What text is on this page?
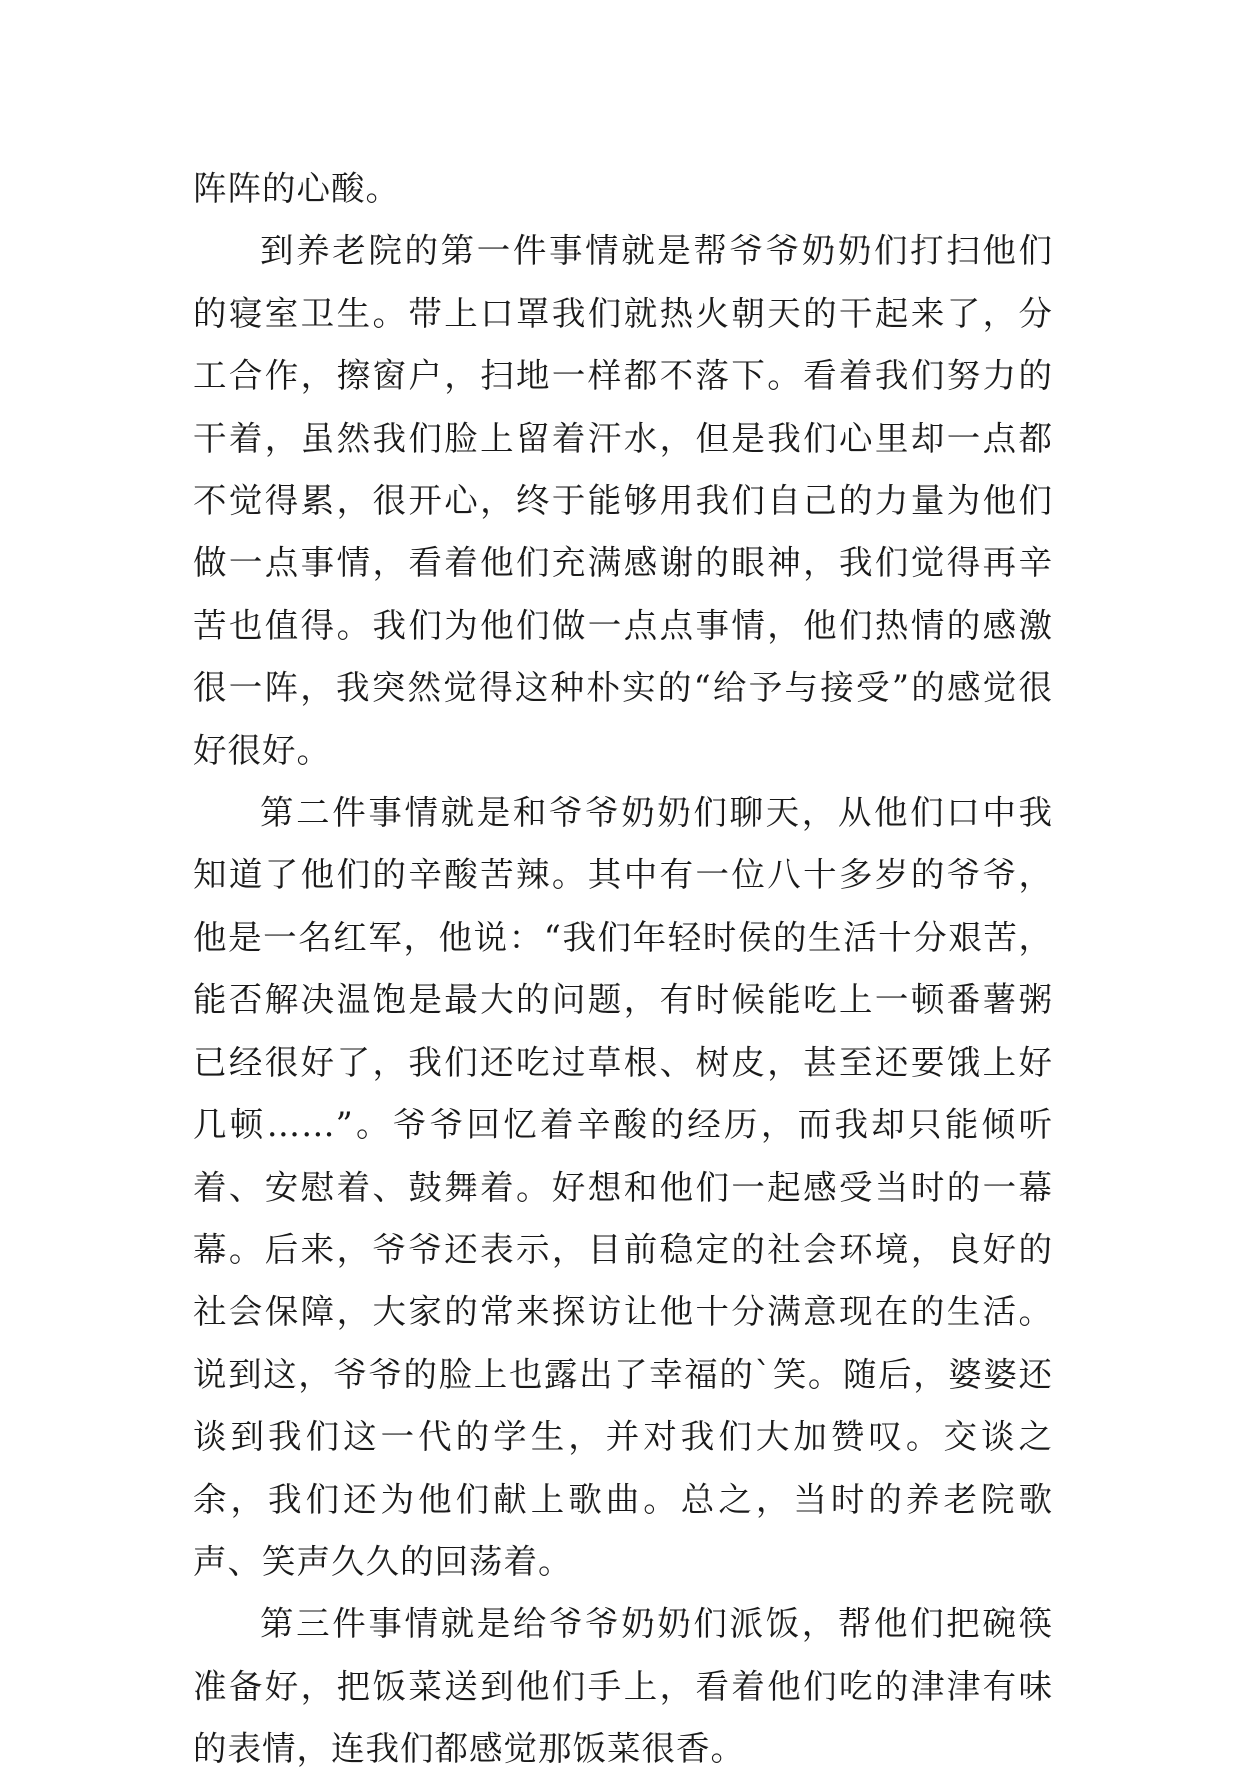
阵阵的心酸。

到养老院的第一件事情就是帮爷爷奶奶们打扫他们的寝室卫生。带上口罩我们就热火朝天的干起来了，分工合作，擦窗户，扫地一样都不落下。看着我们努力的干着，虽然我们脸上留着汗水，但是我们心里却一点都不觉得累，很开心，终于能够用我们自己的力量为他们做一点事情，看着他们充满感谢的眼神，我们觉得再辛苦也值得。我们为他们做一点点事情，他们热情的感激很一阵，我突然觉得这种朴实的“给予与接受”的感觉很好很好。

第二件事情就是和爷爷奶奶们聊天，从他们口中我知道了他们的辛酸苦辣。其中有一位八十多岁的爷爷，他是一名红军，他说：“我们年轻时侯的生活十分艰苦，能否解决温饱是最大的问题，有时候能吃上一顿番薯粥已经很好了，我们还吃过草根、树皮，甚至还要饿上好几顿……”。爷爷回忆着辛酸的经历，而我却只能倾听着、安慰着、鼓舞着。好想和他们一起感受当时的一幕幕。后来，爷爷还表示，目前稳定的社会环境，良好的社会保障，大家的常来探访让他十分满意现在的生活。说到这，爷爷的脸上也露出了幸福的`笑。随后，婆婆还谈到我们这一代的学生，并对我们大加赞叹。交谈之余，我们还为他们献上歌曲。总之，当时的养老院歌声、笑声久久的回荡着。

第三件事情就是给爷爷奶奶们派饭，帮他们把碗筷准备好，把饭菜送到他们手上，看着他们吃的津津有味的表情，连我们都感觉那饭菜很香。
